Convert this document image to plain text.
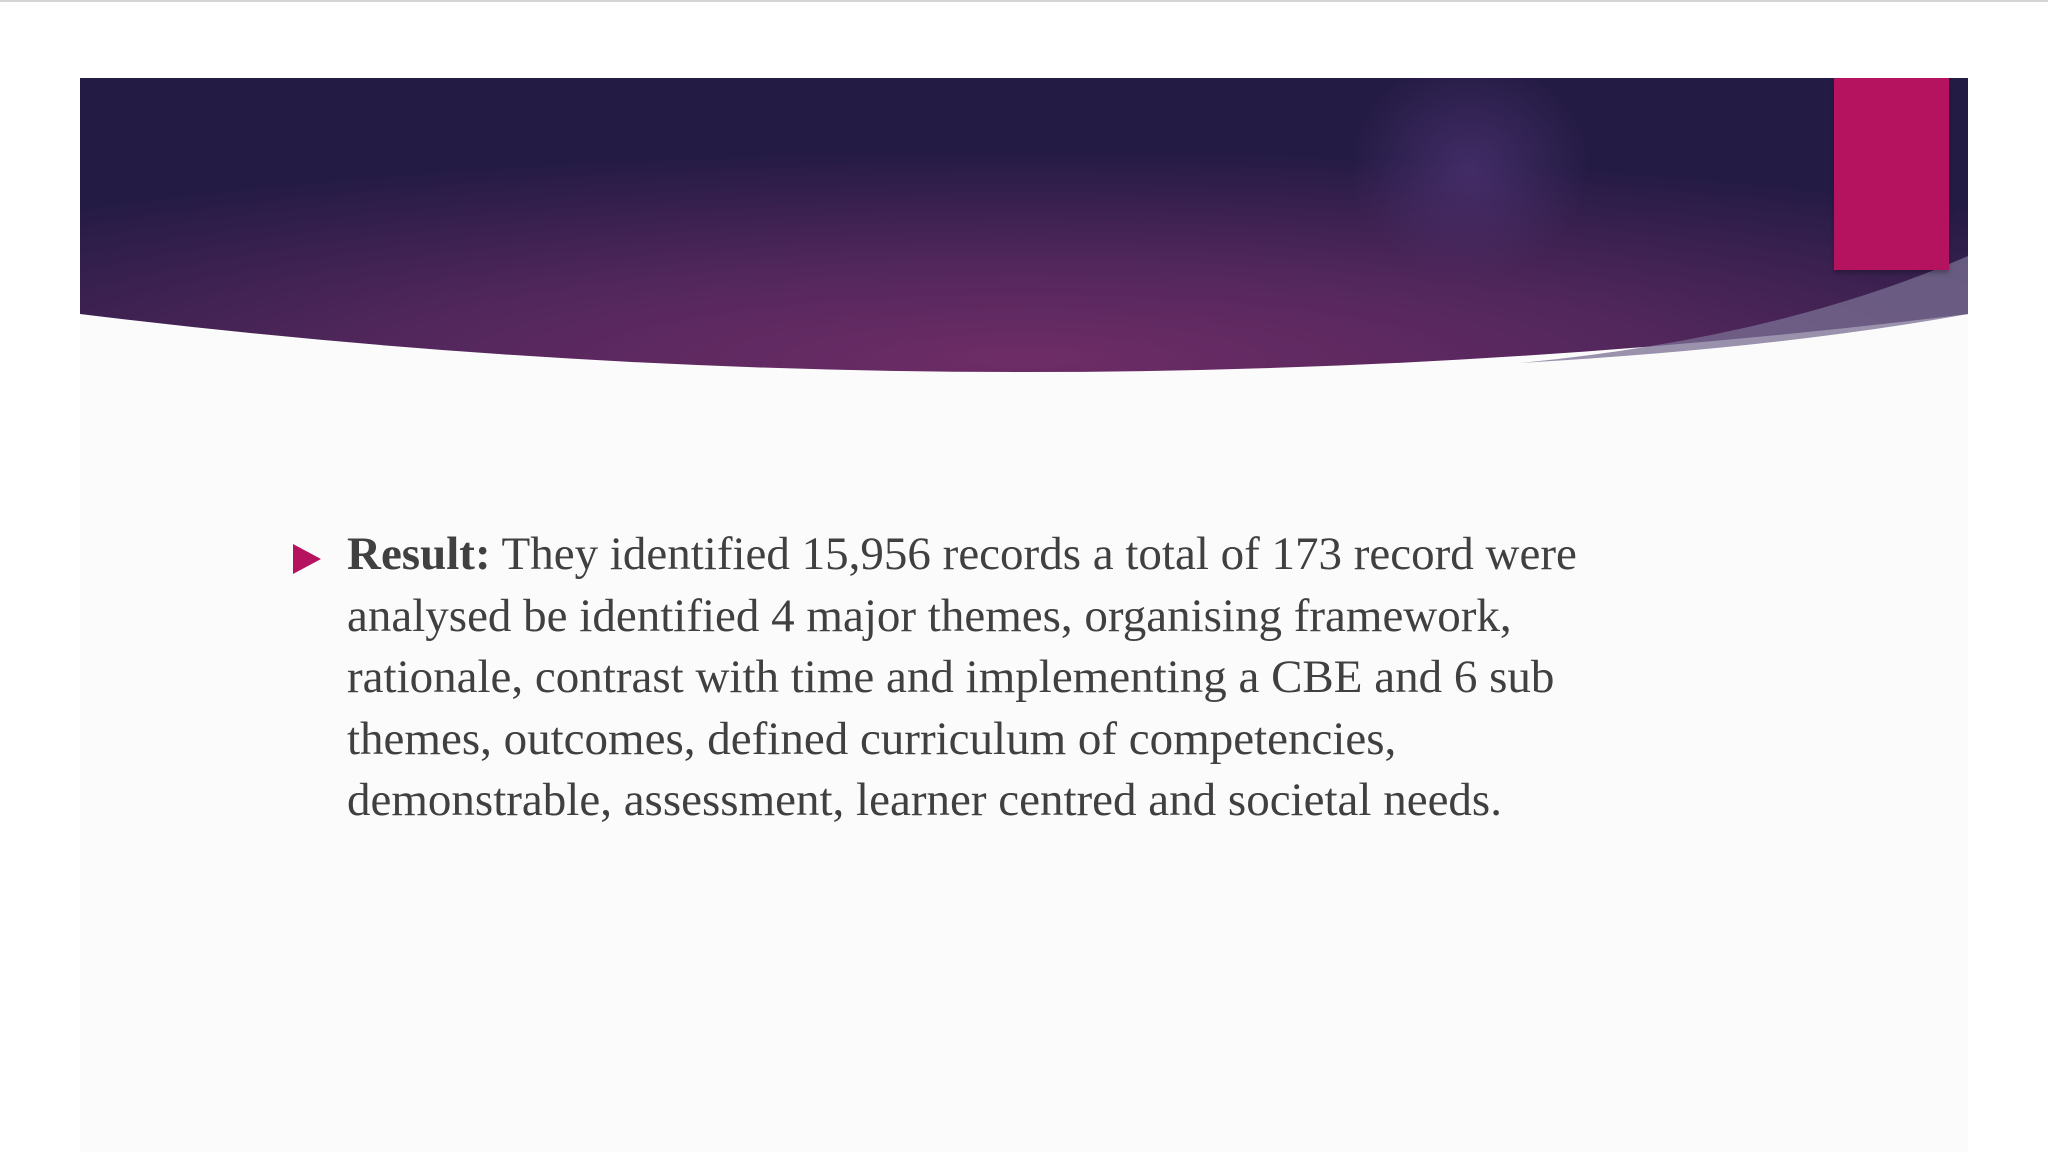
Result: They identified 15,956 records a total of 173 record were
analysed be identified 4 major themes, organising framework,
rationale, contrast with time and implementing a CBE and 6 sub
themes, outcomes, defined curriculum of competencies,
demonstrable, assessment, learner centred and societal needs.
